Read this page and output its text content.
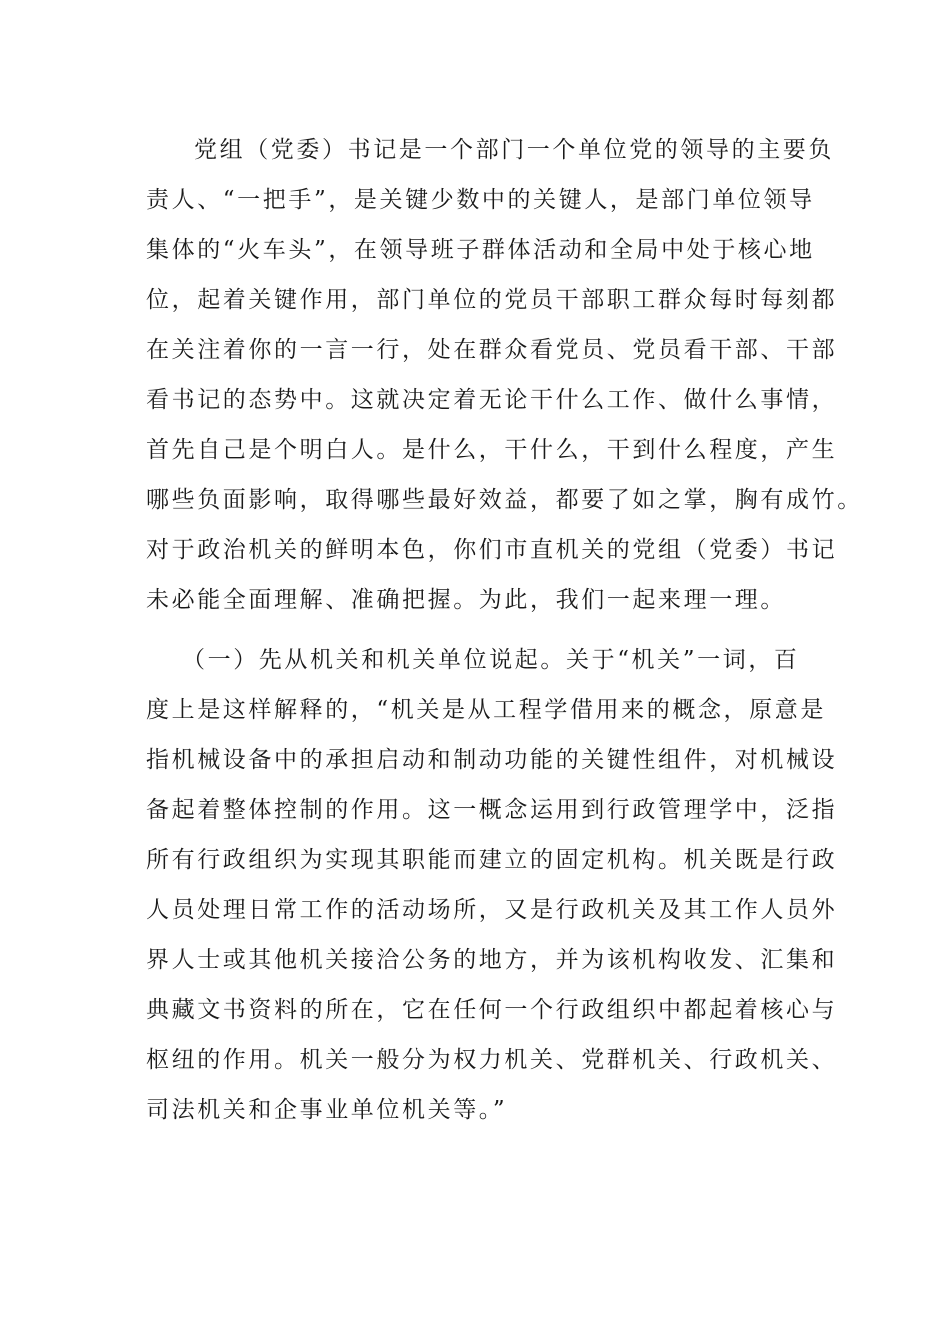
党组（党委）书记是一个部门一个单位党的领导的主要负
责人、“一把手”，是关键少数中的关键人，是部门单位领导
集体的“火车头”，在领导班子群体活动和全局中处于核心地
位，起着关键作用，部门单位的党员干部职工群众每时每刻都
在关注着你的一言一行，处在群众看党员、党员看干部、干部
看书记的态势中。这就决定着无论干什么工作、做什么事情，
首先自己是个明白人。是什么，干什么，干到什么程度，产生
哪些负面影响，取得哪些最好效益，都要了如之掌，胸有成竹。
对于政治机关的鲜明本色，你们市直机关的党组（党委）书记
未必能全面理解、准确把握。为此，我们一起来理一理。
（一）先从机关和机关单位说起。关于“机关”一词，百
度上是这样解释的，“机关是从工程学借用来的概念，原意是
指机械设备中的承担启动和制动功能的关键性组件，对机械设
备起着整体控制的作用。这一概念运用到行政管理学中，泛指
所有行政组织为实现其职能而建立的固定机构。机关既是行政
人员处理日常工作的活动场所，又是行政机关及其工作人员外
界人士或其他机关接洽公务的地方，并为该机构收发、汇集和
典藏文书资料的所在，它在任何一个行政组织中都起着核心与
枢纽的作用。机关一般分为权力机关、党群机关、行政机关、
司法机关和企事业单位机关等。”
